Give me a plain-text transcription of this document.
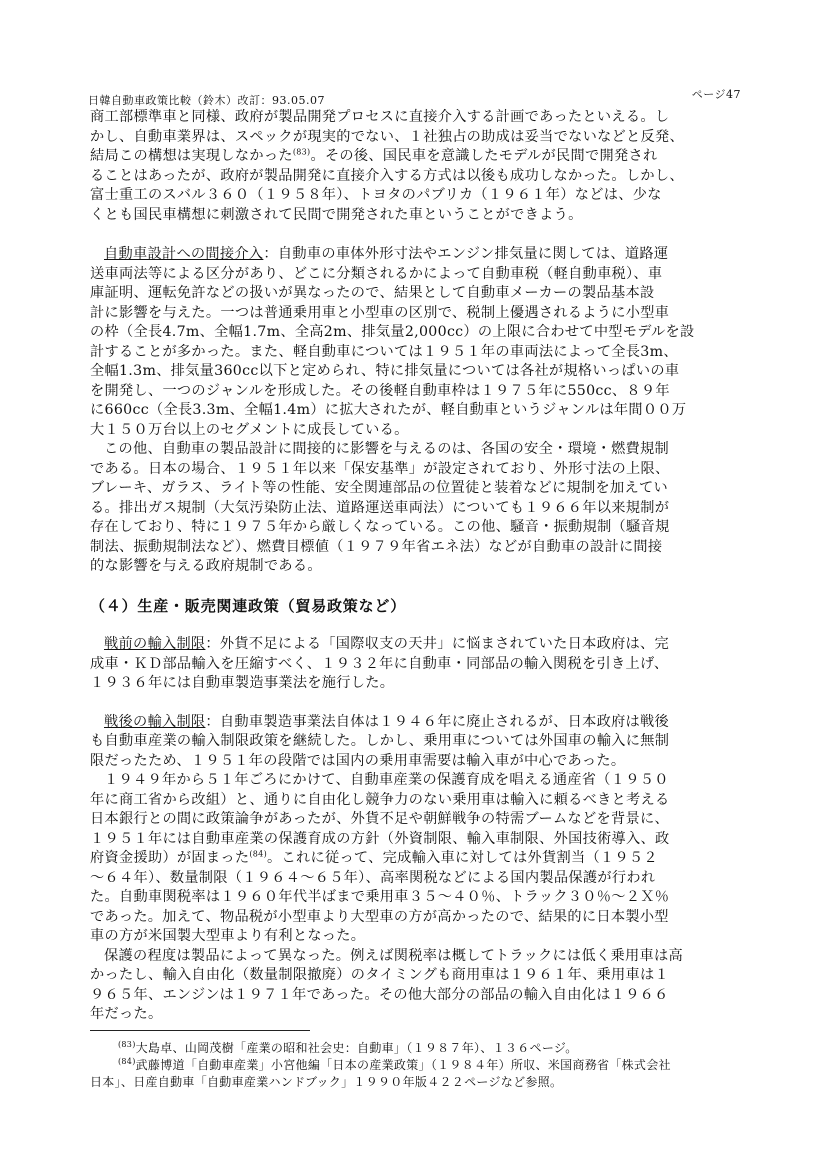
日韓自動車政策比較（鈴木）改訂：93.05.07	ページ47

商工部標準車と同様、政府が製品開発プロセスに直接介入する計画であったといえる。し

かし、自動車業界は、スペックが現実的でない、１社独占の助成は妥当でないなどと反発、

結局この構想は実現しなかった$^{(83)}$。その後、国民車を意識したモデルが民間で開発され

ることはあったが、政府が製品開発に直接介入する方式は以後も成功しなかった。しかし、

富士重工のスバル３６０（１９５８年）、トヨタのパブリカ（１９６１年）などは、少な

くとも国民車構想に刺激されて民間で開発された車ということができよう。

自動車設計への間接介入：自動車の車体外形寸法やエンジン排気量に関しては、道路運

送車両法等による区分があり、どこに分類されるかによって自動車税（軽自動車税）、車

庫証明、運転免許などの扱いが異なったので、結果として自動車メーカーの製品基本設

計に影響を与えた。一つは普通乗用車と小型車の区別で、税制上優遇されるように小型車

の枠（全長4.7m、全幅1.7m、全高2m、排気量2,000cc）の上限に合わせて中型モデルを設

計することが多かった。また、軽自動車については１９５１年の車両法によって全長3m、

全幅1.3m、排気量360cc以下と定められ、特に排気量については各社が規格いっぱいの車

を開発し、一つのジャンルを形成した。その後軽自動車枠は１９７５年に550cc、８９年

に660cc（全長3.3m、全幅1.4m）に拡大されたが、軽自動車というジャンルは年間００万

大１５０万台以上のセグメントに成長している。

この他、自動車の製品設計に間接的に影響を与えるのは、各国の安全・環境・燃費規制

である。日本の場合、１９５１年以来「保安基準」が設定されており、外形寸法の上限、

ブレーキ、ガラス、ライト等の性能、安全関連部品の位置徒と装着などに規制を加えてい

る。排出ガス規制（大気汚染防止法、道路運送車両法）についても１９６６年以来規制が

存在しており、特に１９７５年から厳しくなっている。この他、騒音・振動規制（騒音規

制法、振動規制法など）、燃費目標値（１９７９年省エネ法）などが自動車の設計に間接

的な影響を与える政府規制である。

（４）生産・販売関連政策（貿易政策など）

戦前の輸入制限：外貨不足による「国際収支の天井」に悩まされていた日本政府は、完

成車・ＫＤ部品輸入を圧縮すべく、１９３２年に自動車・同部品の輸入関税を引き上げ、

１９３６年には自動車製造事業法を施行した。

戦後の輸入制限：自動車製造事業法自体は１９４６年に廃止されるが、日本政府は戦後

も自動車産業の輸入制限政策を継続した。しかし、乗用車については外国車の輸入に無制

限だったため、１９５１年の段階では国内の乗用車需要は輸入車が中心であった。

１９４９年から５１年ごろにかけて、自動車産業の保護育成を唱える通産省（１９５０

年に商工省から改組）と、通りに自由化し競争力のない乗用車は輸入に頼るべきと考える

日本銀行との間に政策論争があったが、外貨不足や朝鮮戦争の特需ブームなどを背景に、

１９５１年には自動車産業の保護育成の方針（外資制限、輸入車制限、外国技術導入、政

府資金援助）が固まった$^{(84)}$。これに従って、完成輸入車に対しては外貨割当（１９５２

～６４年）、数量制限（１９６４～６５年）、高率関税などによる国内製品保護が行われ

た。自動車関税率は１９６０年代半ばまで乗用車３５～４０％、トラック３０％～２Ｘ％

であった。加えて、物品税が小型車より大型車の方が高かったので、結果的に日本製小型

車の方が米国製大型車より有利となった。

保護の程度は製品によって異なった。例えば関税率は概してトラックには低く乗用車は高

かったし、輸入自由化（数量制限撤廃）のタイミングも商用車は１９６１年、乗用車は１

９６５年、エンジンは１９７１年であった。その他大部分の部品の輸入自由化は１９６６

年だった。

$^{(83)}$大島卓、山岡茂樹「産業の昭和社会史：自動車」（１９８７年）、１３６ページ。

$^{(84)}$武藤博道「自動車産業」小宮他編「日本の産業政策」（１９８４年）所収、米国商務省「株式会社

日本」、日産自動車「自動車産業ハンドブック」１９９０年版４２２ページなど参照。
